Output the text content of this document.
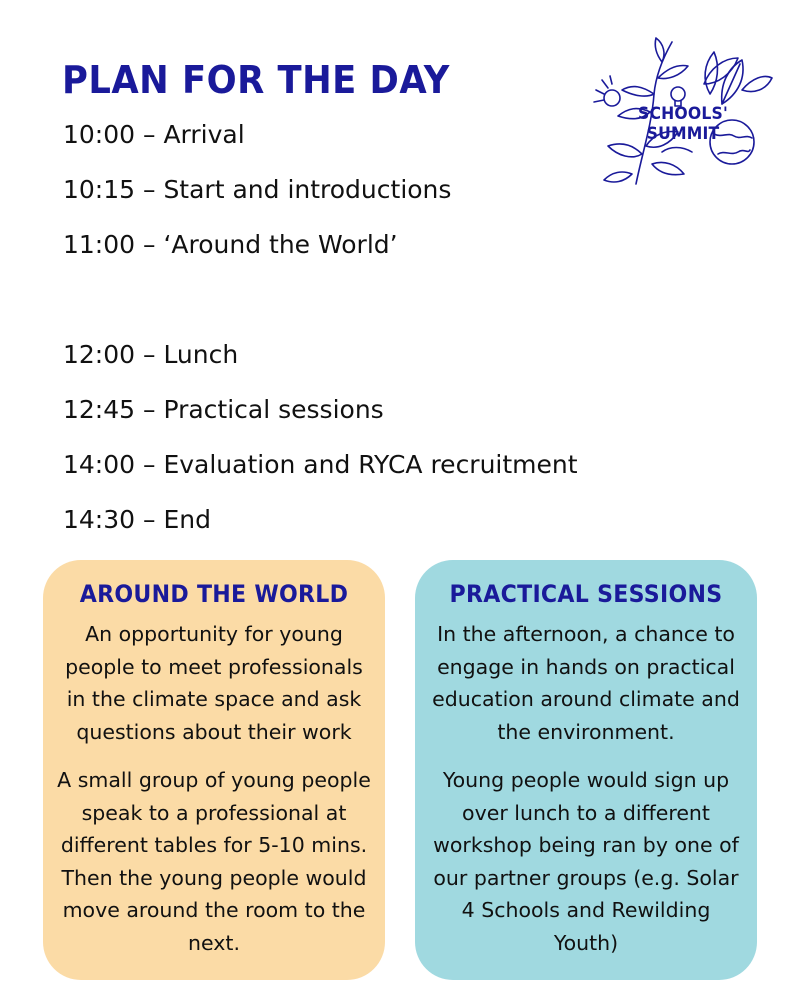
PLAN FOR THE DAY
SCHOOLS' SUMMIT
10:00 – Arrival
10:15 – Start and introductions
11:00 – ‘Around the World’
12:00 – Lunch
12:45 – Practical sessions
14:00 – Evaluation and RYCA recruitment
14:30 – End
AROUND THE WORLD

An opportunity for young people to meet professionals in the climate space and ask questions about their work

A small group of young people speak to a professional at different tables for 5-10 mins. Then the young people would move around the room to the next.

PRACTICAL SESSIONS

In the afternoon, a chance to engage in hands on practical education around climate and the environment.

Young people would sign up over lunch to a different workshop being ran by one of our partner groups (e.g. Solar 4 Schools and Rewilding Youth)
